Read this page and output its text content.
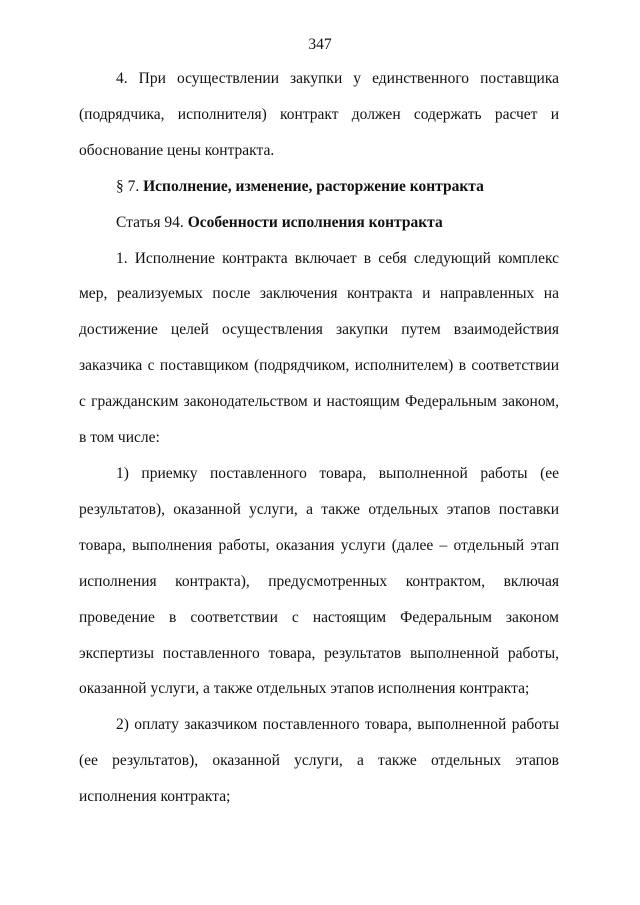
347

4. При осуществлении закупки у единственного поставщика (подрядчика, исполнителя) контракт должен содержать расчет и обоснование цены контракта.

§ 7. Исполнение, изменение, расторжение контракта

Статья 94. Особенности исполнения контракта

1. Исполнение контракта включает в себя следующий комплекс мер, реализуемых после заключения контракта и направленных на достижение целей осуществления закупки путем взаимодействия заказчика с поставщиком (подрядчиком, исполнителем) в соответствии с гражданским законодательством и настоящим Федеральным законом, в том числе:

1) приемку поставленного товара, выполненной работы (ее результатов), оказанной услуги, а также отдельных этапов поставки товара, выполнения работы, оказания услуги (далее – отдельный этап исполнения контракта), предусмотренных контрактом, включая проведение в соответствии с настоящим Федеральным законом экспертизы поставленного товара, результатов выполненной работы, оказанной услуги, а также отдельных этапов исполнения контракта;

2) оплату заказчиком поставленного товара, выполненной работы (ее результатов), оказанной услуги, а также отдельных этапов исполнения контракта;
